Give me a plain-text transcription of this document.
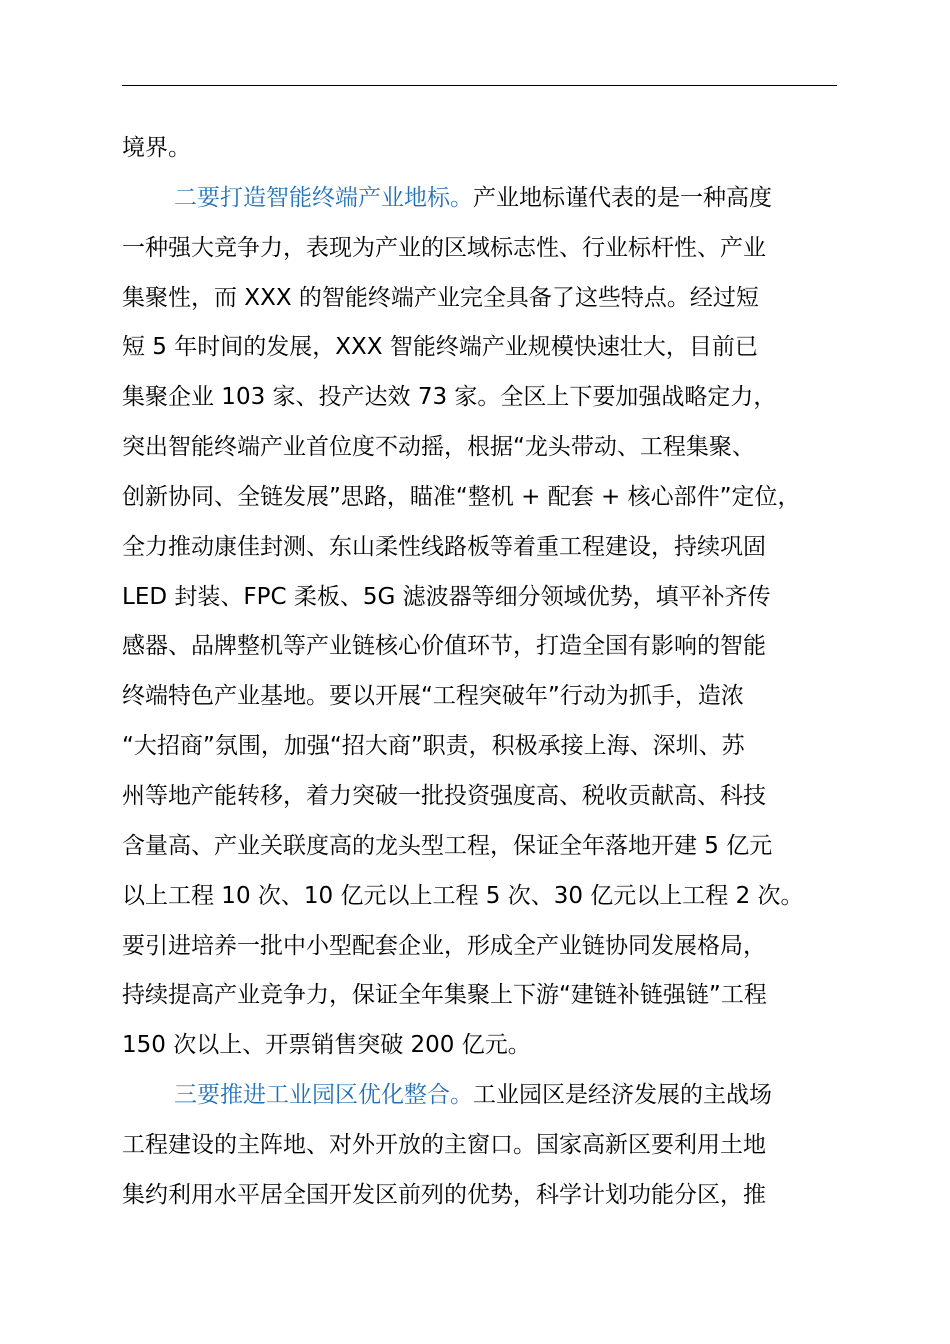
境界。
二要打造智能终端产业地标。产业地标谨代表的是一种高度
一种强大竞争力，表现为产业的区域标志性、行业标杆性、产业
集聚性，而 XXX 的智能终端产业完全具备了这些特点。经过短
短 5 年时间的发展，XXX 智能终端产业规模快速壮大，目前已
集聚企业 103 家、投产达效 73 家。全区上下要加强战略定力，
突出智能终端产业首位度不动摇，根据“龙头带动、工程集聚、
创新协同、全链发展”思路，瞄准“整机 + 配套 + 核心部件”定位，
全力推动康佳封测、东山柔性线路板等着重工程建设，持续巩固
LED 封装、FPC 柔板、5G 滤波器等细分领域优势，填平补齐传
感器、品牌整机等产业链核心价值环节，打造全国有影响的智能
终端特色产业基地。要以开展“工程突破年”行动为抓手，造浓
“大招商”氛围，加强“招大商”职责，积极承接上海、深圳、苏
州等地产能转移，着力突破一批投资强度高、税收贡献高、科技
含量高、产业关联度高的龙头型工程，保证全年落地开建 5 亿元
以上工程 10 次、10 亿元以上工程 5 次、30 亿元以上工程 2 次。
要引进培养一批中小型配套企业，形成全产业链协同发展格局，
持续提高产业竞争力，保证全年集聚上下游“建链补链强链”工程
150 次以上、开票销售突破 200 亿元。
三要推进工业园区优化整合。工业园区是经济发展的主战场
工程建设的主阵地、对外开放的主窗口。国家高新区要利用土地
集约利用水平居全国开发区前列的优势，科学计划功能分区，推
